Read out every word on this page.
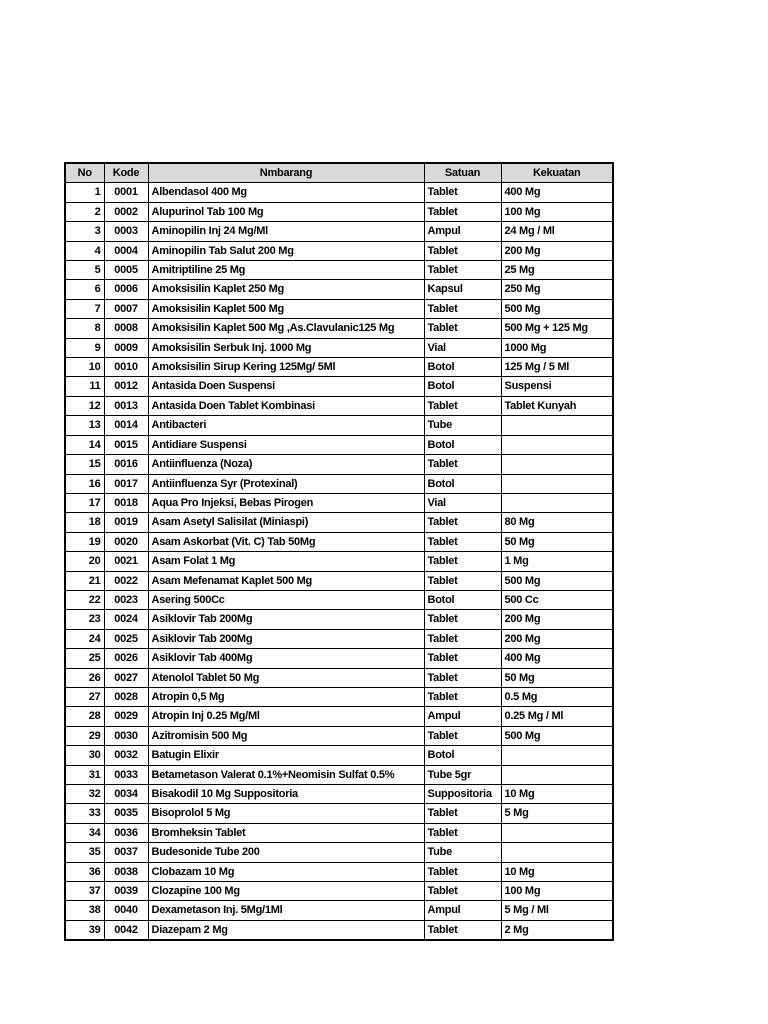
No	Kode	Nmbarang	Satuan	Kekuatan
1	0001	Albendasol 400 Mg	Tablet	400 Mg
2	0002	Alupurinol Tab 100 Mg	Tablet	100 Mg
3	0003	Aminopilin Inj 24 Mg/Ml	Ampul	24 Mg / Ml
4	0004	Aminopilin Tab Salut 200 Mg	Tablet	200 Mg
5	0005	Amitriptiline 25 Mg	Tablet	25 Mg
6	0006	Amoksisilin Kaplet 250 Mg	Kapsul	250 Mg
7	0007	Amoksisilin Kaplet 500 Mg	Tablet	500 Mg
8	0008	Amoksisilin Kaplet 500 Mg ,As.Clavulanic125 Mg	Tablet	500 Mg + 125 Mg
9	0009	Amoksisilin Serbuk Inj. 1000 Mg	Vial	1000 Mg
10	0010	Amoksisilin Sirup Kering 125Mg/ 5Ml	Botol	125 Mg / 5 Ml
11	0012	Antasida Doen Suspensi	Botol	Suspensi
12	0013	Antasida Doen Tablet Kombinasi	Tablet	Tablet Kunyah
13	0014	Antibacteri	Tube	
14	0015	Antidiare Suspensi	Botol	
15	0016	Antiinfluenza (Noza)	Tablet	
16	0017	Antiinfluenza Syr (Protexinal)	Botol	
17	0018	Aqua Pro Injeksi, Bebas Pirogen	Vial	
18	0019	Asam Asetyl Salisilat (Miniaspi)	Tablet	80 Mg
19	0020	Asam Askorbat (Vit. C) Tab 50Mg	Tablet	50 Mg
20	0021	Asam Folat 1 Mg	Tablet	1 Mg
21	0022	Asam Mefenamat Kaplet 500 Mg	Tablet	500 Mg
22	0023	Asering 500Cc	Botol	500 Cc
23	0024	Asiklovir Tab 200Mg	Tablet	200 Mg
24	0025	Asiklovir Tab 200Mg	Tablet	200 Mg
25	0026	Asiklovir Tab 400Mg	Tablet	400 Mg
26	0027	Atenolol Tablet 50 Mg	Tablet	50 Mg
27	0028	Atropin 0,5 Mg	Tablet	0.5 Mg
28	0029	Atropin Inj 0.25 Mg/Ml	Ampul	0.25 Mg / Ml
29	0030	Azitromisin 500 Mg	Tablet	500 Mg
30	0032	Batugin Elixir	Botol	
31	0033	Betametason Valerat 0.1%+Neomisin Sulfat 0.5%	Tube 5gr	
32	0034	Bisakodil 10 Mg Suppositoria	Suppositoria	10 Mg
33	0035	Bisoprolol 5 Mg	Tablet	5 Mg
34	0036	Bromheksin Tablet	Tablet	
35	0037	Budesonide Tube 200	Tube	
36	0038	Clobazam 10 Mg	Tablet	10 Mg
37	0039	Clozapine 100 Mg	Tablet	100 Mg
38	0040	Dexametason Inj. 5Mg/1Ml	Ampul	5 Mg / Ml
39	0042	Diazepam 2 Mg	Tablet	2 Mg
